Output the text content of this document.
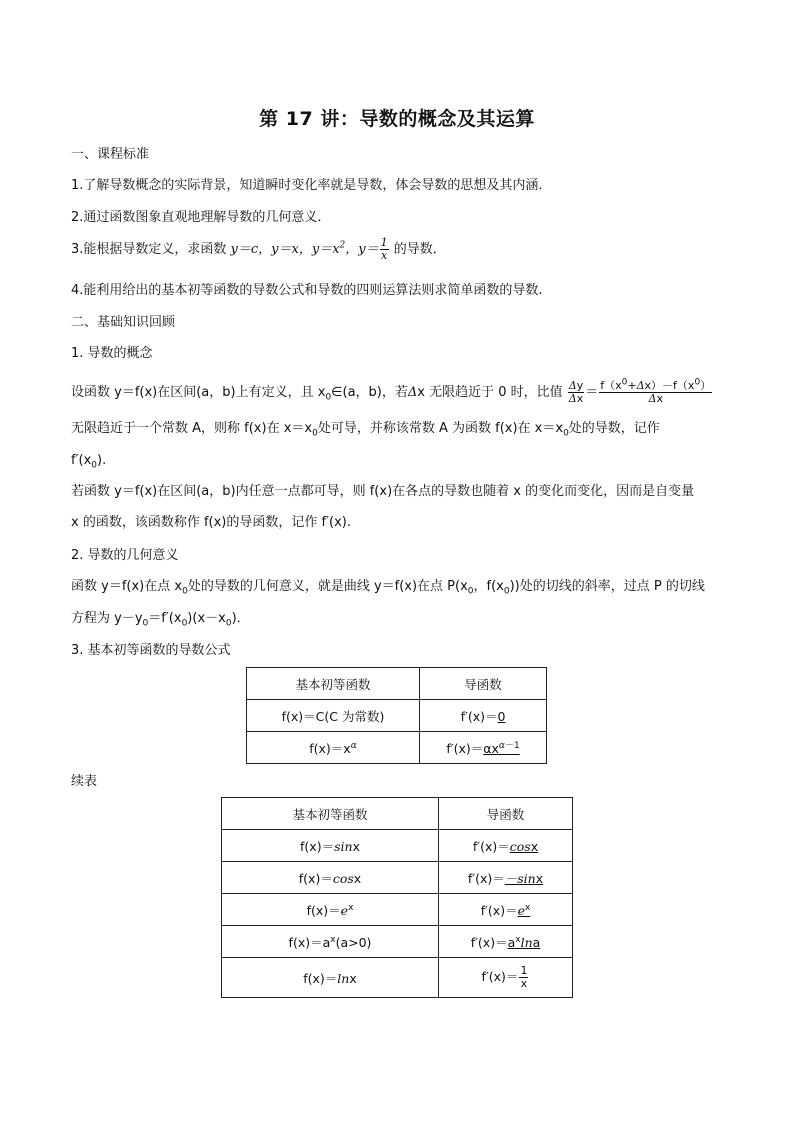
第 17 讲：导数的概念及其运算
一、课程标准
1.了解导数概念的实际背景，知道瞬时变化率就是导数，体会导数的思想及其内涵．
2.通过函数图象直观地理解导数的几何意义．
3.能根据导数定义，求函数 y＝c，y＝x，$y=x^2$，$y= \frac{1}{x}$ 的导数．
4.能利用给出的基本初等函数的导数公式和导数的四则运算法则求简单函数的导数.
二、基础知识回顾
1. 导数的概念
设函数 y＝f(x)在区间(a，b)上有定义，且 $x_0\in(a$，b)，若Δx 无限趋近于 0 时，比值 $\frac{\Delta y}{\Delta x} = \frac{f(x^0+\Delta x)-f(x^0)}{\Delta x}$
无限趋近于一个常数 A，则称 f(x)在 $x=x_0$处可导，并称该常数 A 为函数 f(x)在 $x=x_0$处的导数，记作
$f'(x_0)$.
若函数 y＝f(x)在区间(a，b)内任意一点都可导，则 f(x)在各点的导数也随着 x 的变化而变化，因而是自变量
x 的函数，该函数称作 f(x)的导函数，记作 f′(x).
2. 导数的几何意义
函数 y＝f(x)在点 $x_0$处的导数的几何意义，就是曲线 y＝f(x)在点 $P(x_0$，$f(x_0)$)处的切线的斜率，过点 P 的切线
方程为 $y-y_0=f'(x_0)(x-x_0)$．
3. 基本初等函数的导数公式
基本初等函数	导函数
f(x)＝C(C 为常数)	f′(x)＝0
$f(x)=x^\alpha$	$f'(x)=\alpha x^{\alpha-1}$
续表
基本初等函数	导函数
f(x)＝sinx	f′(x)＝cosx
f(x)＝cosx	f′(x)＝－sinx
$f(x)=e^x$	$f'(x)=e^x$
$f(x)=a^x(a>0)$	$f'(x)=a^x\ln a$
f(x)＝lnx	$f'(x)= \frac{1}{x}$
